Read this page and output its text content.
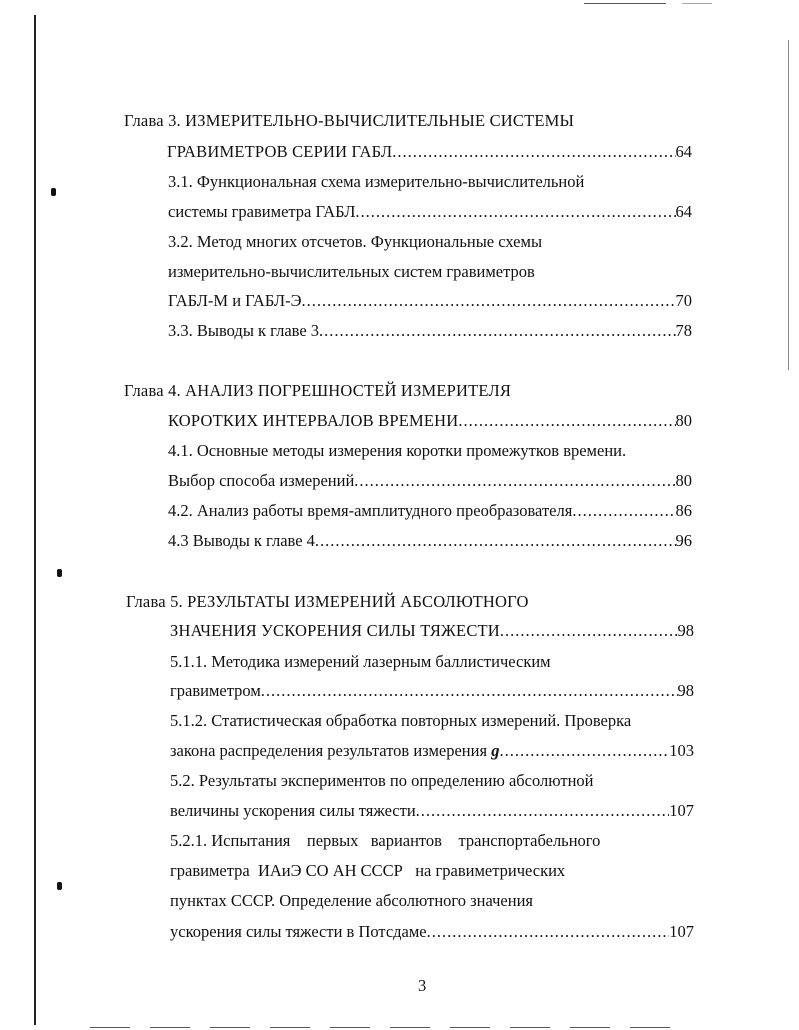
Глава 3. ИЗМЕРИТЕЛЬНО-ВЫЧИСЛИТЕЛЬНЫЕ СИСТЕМЫ
ГРАВИМЕТРОВ СЕРИИ ГАБЛ .....	64
3.1. Функциональная схема измерительно-вычислительной
системы гравиметра ГАБЛ .....	64
3.2. Метод многих отсчетов. Функциональные схемы
измерительно-вычислительных систем гравиметров
ГАБЛ-М и ГАБЛ-Э .....	70
3.3. Выводы к главе 3 .....	78
Глава 4. АНАЛИЗ ПОГРЕШНОСТЕЙ ИЗМЕРИТЕЛЯ
КОРОТКИХ ИНТЕРВАЛОВ ВРЕМЕНИ .....	80
4.1. Основные методы измерения коротки промежутков времени.
Выбор способа измерений .....	80
4.2. Анализ работы время-амплитудного преобразователя .....	86
4.3 Выводы к главе 4 .....	96
Глава 5. РЕЗУЛЬТАТЫ ИЗМЕРЕНИЙ АБСОЛЮТНОГО
ЗНАЧЕНИЯ УСКОРЕНИЯ СИЛЫ ТЯЖЕСТИ .....	98
5.1.1. Методика измерений лазерным баллистическим
гравиметром .....	98
5.1.2. Статистическая обработка повторных измерений. Проверка
закона распределения результатов измерения g .....	103
5.2. Результаты экспериментов по определению абсолютной
величины ускорения силы тяжести .....	107
5.2.1. Испытания    первых   вариантов    транспортабельного
гравиметра  ИАиЭ СО АН СССР   на гравиметрических
пунктах СССР. Определение абсолютного значения
ускорения силы тяжести в Потсдаме .....	107
3
